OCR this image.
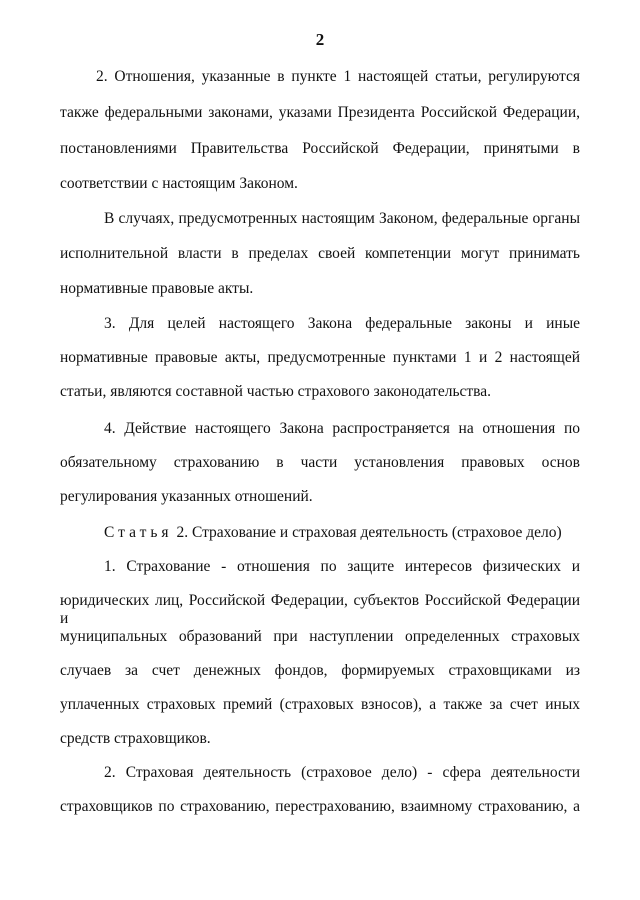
2
2. Отношения, указанные в пункте 1 настоящей статьи, регулируются
также федеральными законами, указами Президента Российской Федерации,
постановлениями Правительства Российской Федерации, принятыми в
соответствии с настоящим Законом.
В случаях, предусмотренных настоящим Законом, федеральные органы
исполнительной власти в пределах своей компетенции могут принимать
нормативные правовые акты.
3. Для целей настоящего Закона федеральные законы и иные
нормативные правовые акты, предусмотренные пунктами 1 и 2 настоящей
статьи, являются составной частью страхового законодательства.
4. Действие настоящего Закона распространяется на отношения по
обязательному страхованию в части установления правовых основ
регулирования указанных отношений.
Статья 2. Страхование и страховая деятельность (страховое дело)
1. Страхование - отношения по защите интересов физических и
юридических лиц, Российской Федерации, субъектов Российской Федерации и
муниципальных образований при наступлении определенных страховых
случаев за счет денежных фондов, формируемых страховщиками из
уплаченных страховых премий (страховых взносов), а также за счет иных
средств страховщиков.
2. Страховая деятельность (страховое дело) - сфера деятельности
страховщиков по страхованию, перестрахованию, взаимному страхованию, а
